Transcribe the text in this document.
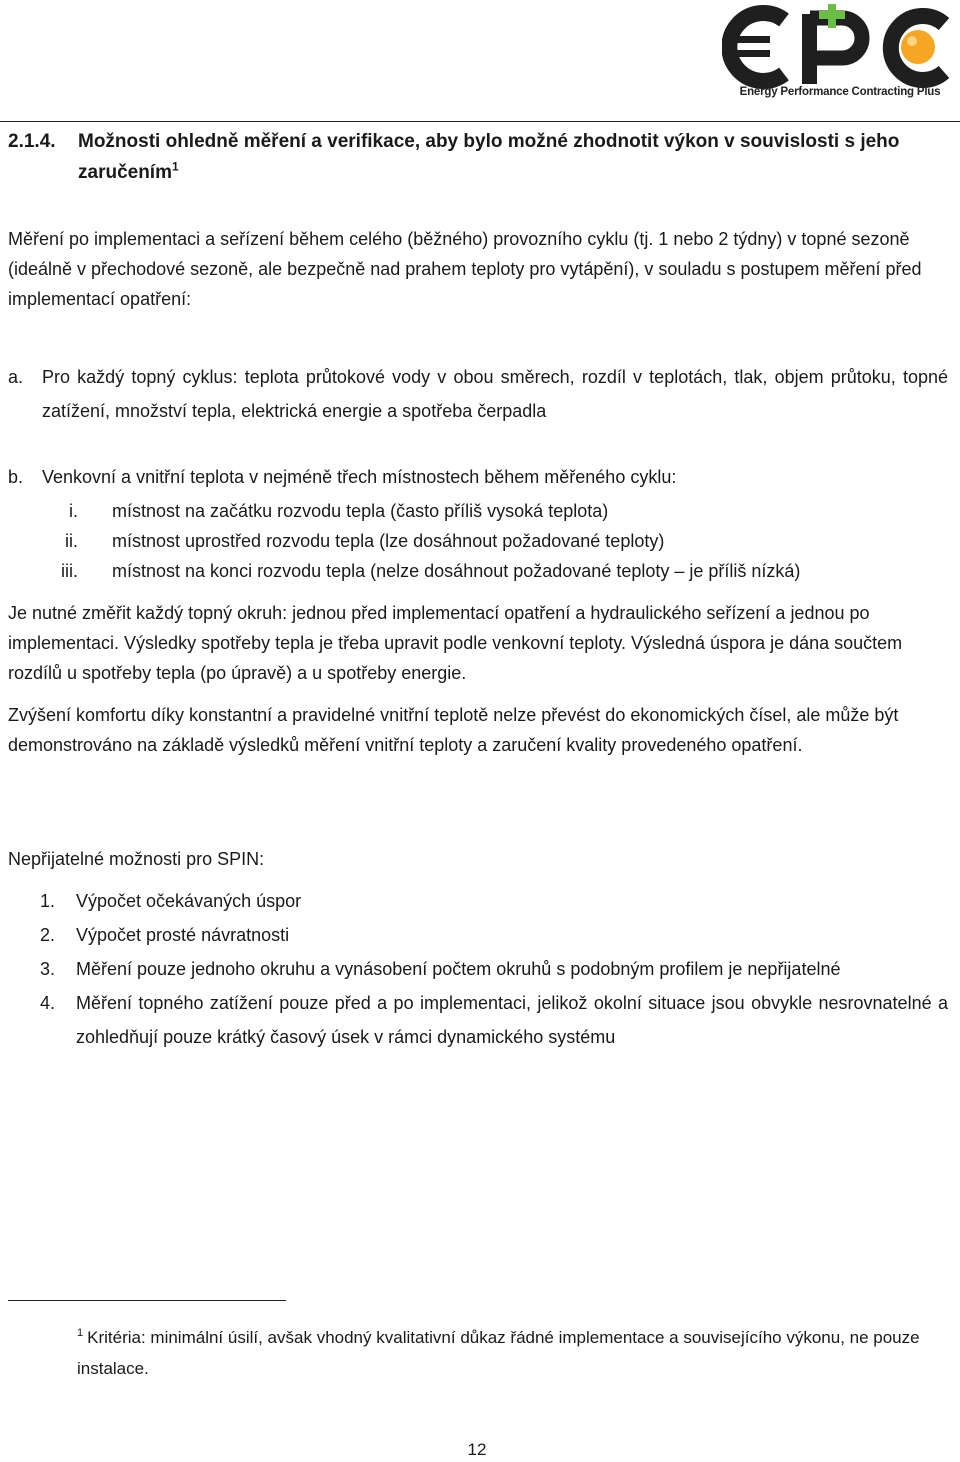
Energy Performance Contracting Plus
2.1.4. Možnosti ohledně měření a verifikace, aby bylo možné zhodnotit výkon v souvislosti s jeho zaručením$^1$
Měření po implementaci a seřízení během celého (běžného) provozního cyklu (tj. 1 nebo 2 týdny) v topné sezoně (ideálně v přechodové sezoně, ale bezpečně nad prahem teploty pro vytápění), v souladu s postupem měření před implementací opatření:
a. Pro každý topný cyklus: teplota průtokové vody v obou směrech, rozdíl v teplotách, tlak, objem průtoku, topné zatížení, množství tepla, elektrická energie a spotřeba čerpadla
b. Venkovní a vnitřní teplota v nejméně třech místnostech během měřeného cyklu:
i. místnost na začátku rozvodu tepla (často příliš vysoká teplota)
ii. místnost uprostřed rozvodu tepla (lze dosáhnout požadované teploty)
iii. místnost na konci rozvodu tepla (nelze dosáhnout požadované teploty – je příliš nízká)
Je nutné změřit každý topný okruh: jednou před implementací opatření a hydraulického seřízení a jednou po implementaci. Výsledky spotřeby tepla je třeba upravit podle venkovní teploty. Výsledná úspora je dána součtem rozdílů u spotřeby tepla (po úpravě) a u spotřeby energie.
Zvýšení komfortu díky konstantní a pravidelné vnitřní teplotě nelze převést do ekonomických čísel, ale může být demonstrováno na základě výsledků měření vnitřní teploty a zaručení kvality provedeného opatření.
Nepřijatelné možnosti pro SPIN:
1. Výpočet očekávaných úspor
2. Výpočet prosté návratnosti
3. Měření pouze jednoho okruhu a vynásobení počtem okruhů s podobným profilem je nepřijatelné
4. Měření topného zatížení pouze před a po implementaci, jelikož okolní situace jsou obvykle nesrovnatelné a zohledňují pouze krátký časový úsek v rámci dynamického systému
$^1$ Kritéria: minimální úsilí, avšak vhodný kvalitativní důkaz řádné implementace a souvisejícího výkonu, ne pouze instalace.
12
